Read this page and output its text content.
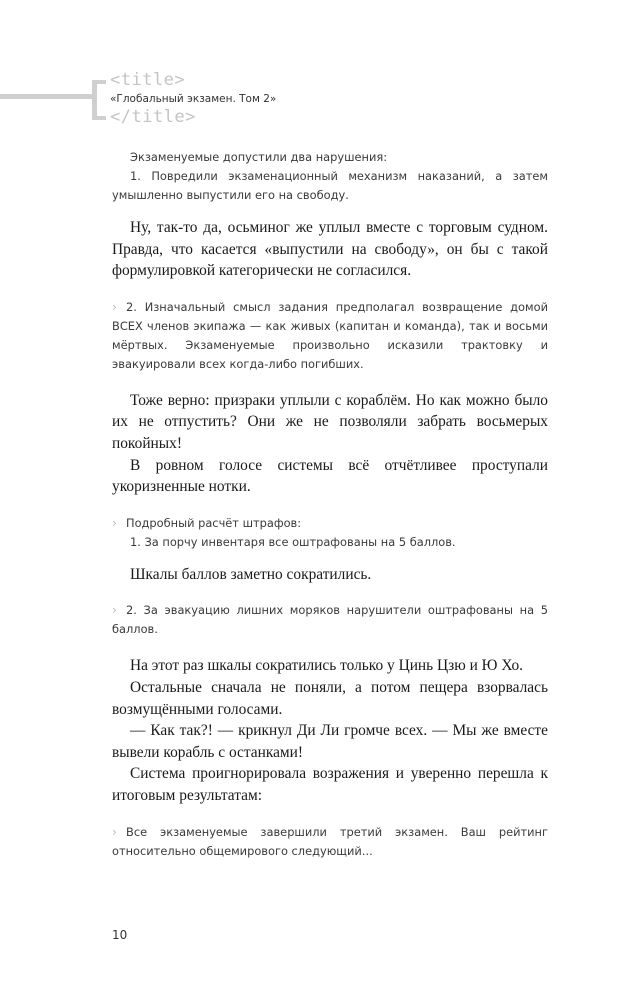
<title>
«Глобальный экзамен. Том 2»
</title>

Экзаменуемые допустили два нарушения:

1. Повредили экзаменационный механизм наказаний, а затем умышленно выпустили его на свободу.

Ну, так-то да, осьминог же уплыл вместе с торговым судном. Правда, что касается «выпустили на свободу», он бы с такой формулировкой категорически не согласился.

› 2. Изначальный смысл задания предполагал возвращение домой ВСЕХ членов экипажа — как живых (капитан и команда), так и восьми мёртвых. Экзаменуемые произвольно исказили трактовку и эвакуировали всех когда-либо погибших.

Тоже верно: призраки уплыли с кораблём. Но как можно было их не отпустить? Они же не позволяли забрать восьмерых покойных!

В ровном голосе системы всё отчётливее проступали укоризненные нотки.

› Подробный расчёт штрафов:

1. За порчу инвентаря все оштрафованы на 5 баллов.

Шкалы баллов заметно сократились.

› 2. За эвакуацию лишних моряков нарушители оштрафованы на 5 баллов.

На этот раз шкалы сократились только у Цинь Цзю и Ю Хо.

Остальные сначала не поняли, а потом пещера взорвалась возмущёнными голосами.

— Как так?! — крикнул Ди Ли громче всех. — Мы же вместе вывели корабль с останками!

Система проигнорировала возражения и уверенно перешла к итоговым результатам:

› Все экзаменуемые завершили третий экзамен. Ваш рейтинг относительно общемирового следующий...

10
